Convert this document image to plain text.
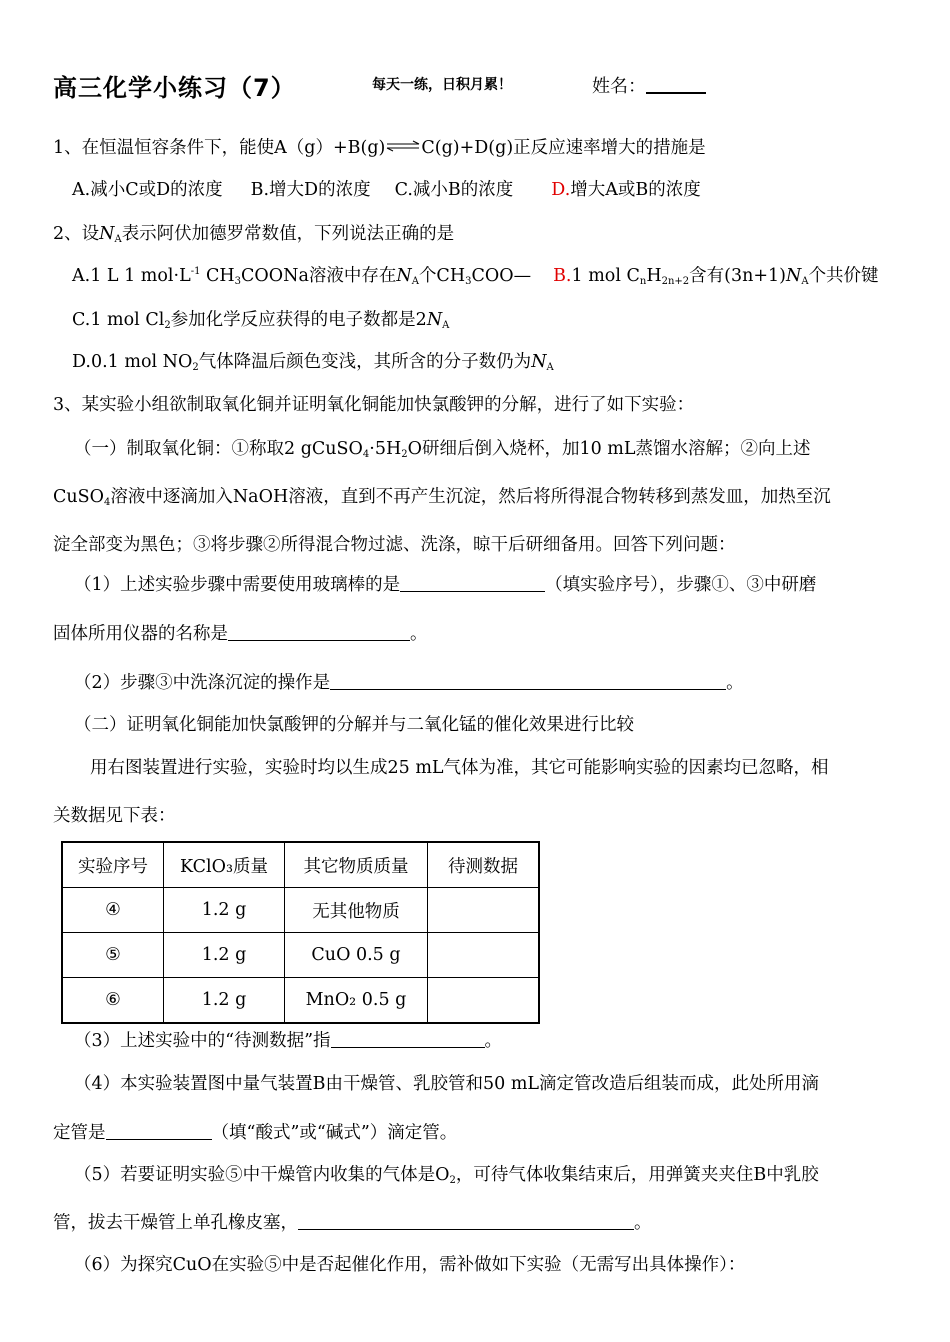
高三化学小练习（7）	每天一练，日积月累！	姓名：
1、在恒温恒容条件下，能使A（g）+B(g)⇌C(g)+D(g)正反应速率增大的措施是
A.减小C或D的浓度 B.增大D的浓度 C.减小B的浓度 D.增大A或B的浓度
2、设$N_A$表示阿伏加德罗常数值，下列说法正确的是
A.1 L 1 $mol\cdot L^{-1}$ $CH_3COONa$溶液中存在$N_A$个$CH_3COO—$ B.1 mol $C_nH_{2n+2}$含有$(3n+1)N_A$个共价键
C.1 mol $Cl_2$参加化学反应获得的电子数都是$2N_A$
D.0.1 mol $NO_2$气体降温后颜色变浅，其所含的分子数仍为$N_A$
3、某实验小组欲制取氧化铜并证明氧化铜能加快氯酸钾的分解，进行了如下实验：
（一）制取氧化铜：①称取2 $gCuSO_4\cdot 5H_2O$研细后倒入烧杯，加10 mL蒸馏水溶解；②向上述
CuSO$_4$溶液中逐滴加入NaOH溶液，直到不再产生沉淀，然后将所得混合物转移到蒸发皿，加热至沉
淀全部变为黑色；③将步骤②所得混合物过滤、洗涤，晾干后研细备用。回答下列问题：
（1）上述实验步骤中需要使用玻璃棒的是	（填实验序号），步骤①、③中研磨
固体所用仪器的名称是	。
（2）步骤③中洗涤沉淀的操作是	。
（二）证明氧化铜能加快氯酸钾的分解并与二氧化锰的催化效果进行比较
用右图装置进行实验，实验时均以生成25 mL气体为准，其它可能影响实验的因素均已忽略，相
关数据见下表：
实验序号	KClO₃质量	其它物质质量	待测数据
④	1.2 g	无其他物质	
⑤	1.2 g	CuO 0.5 g	
⑥	1.2 g	MnO₂ 0.5 g	
（3）上述实验中的“待测数据”指	。
（4）本实验装置图中量气装置B由干燥管、乳胶管和50 mL滴定管改造后组装而成，此处所用滴
定管是	（填“酸式”或“碱式”）滴定管。
（5）若要证明实验⑤中干燥管内收集的气体是$O_2$，可待气体收集结束后，用弹簧夹夹住B中乳胶
管，拔去干燥管上单孔橡皮塞，	。
（6）为探究CuO在实验⑤中是否起催化作用，需补做如下实验（无需写出具体操作）：
